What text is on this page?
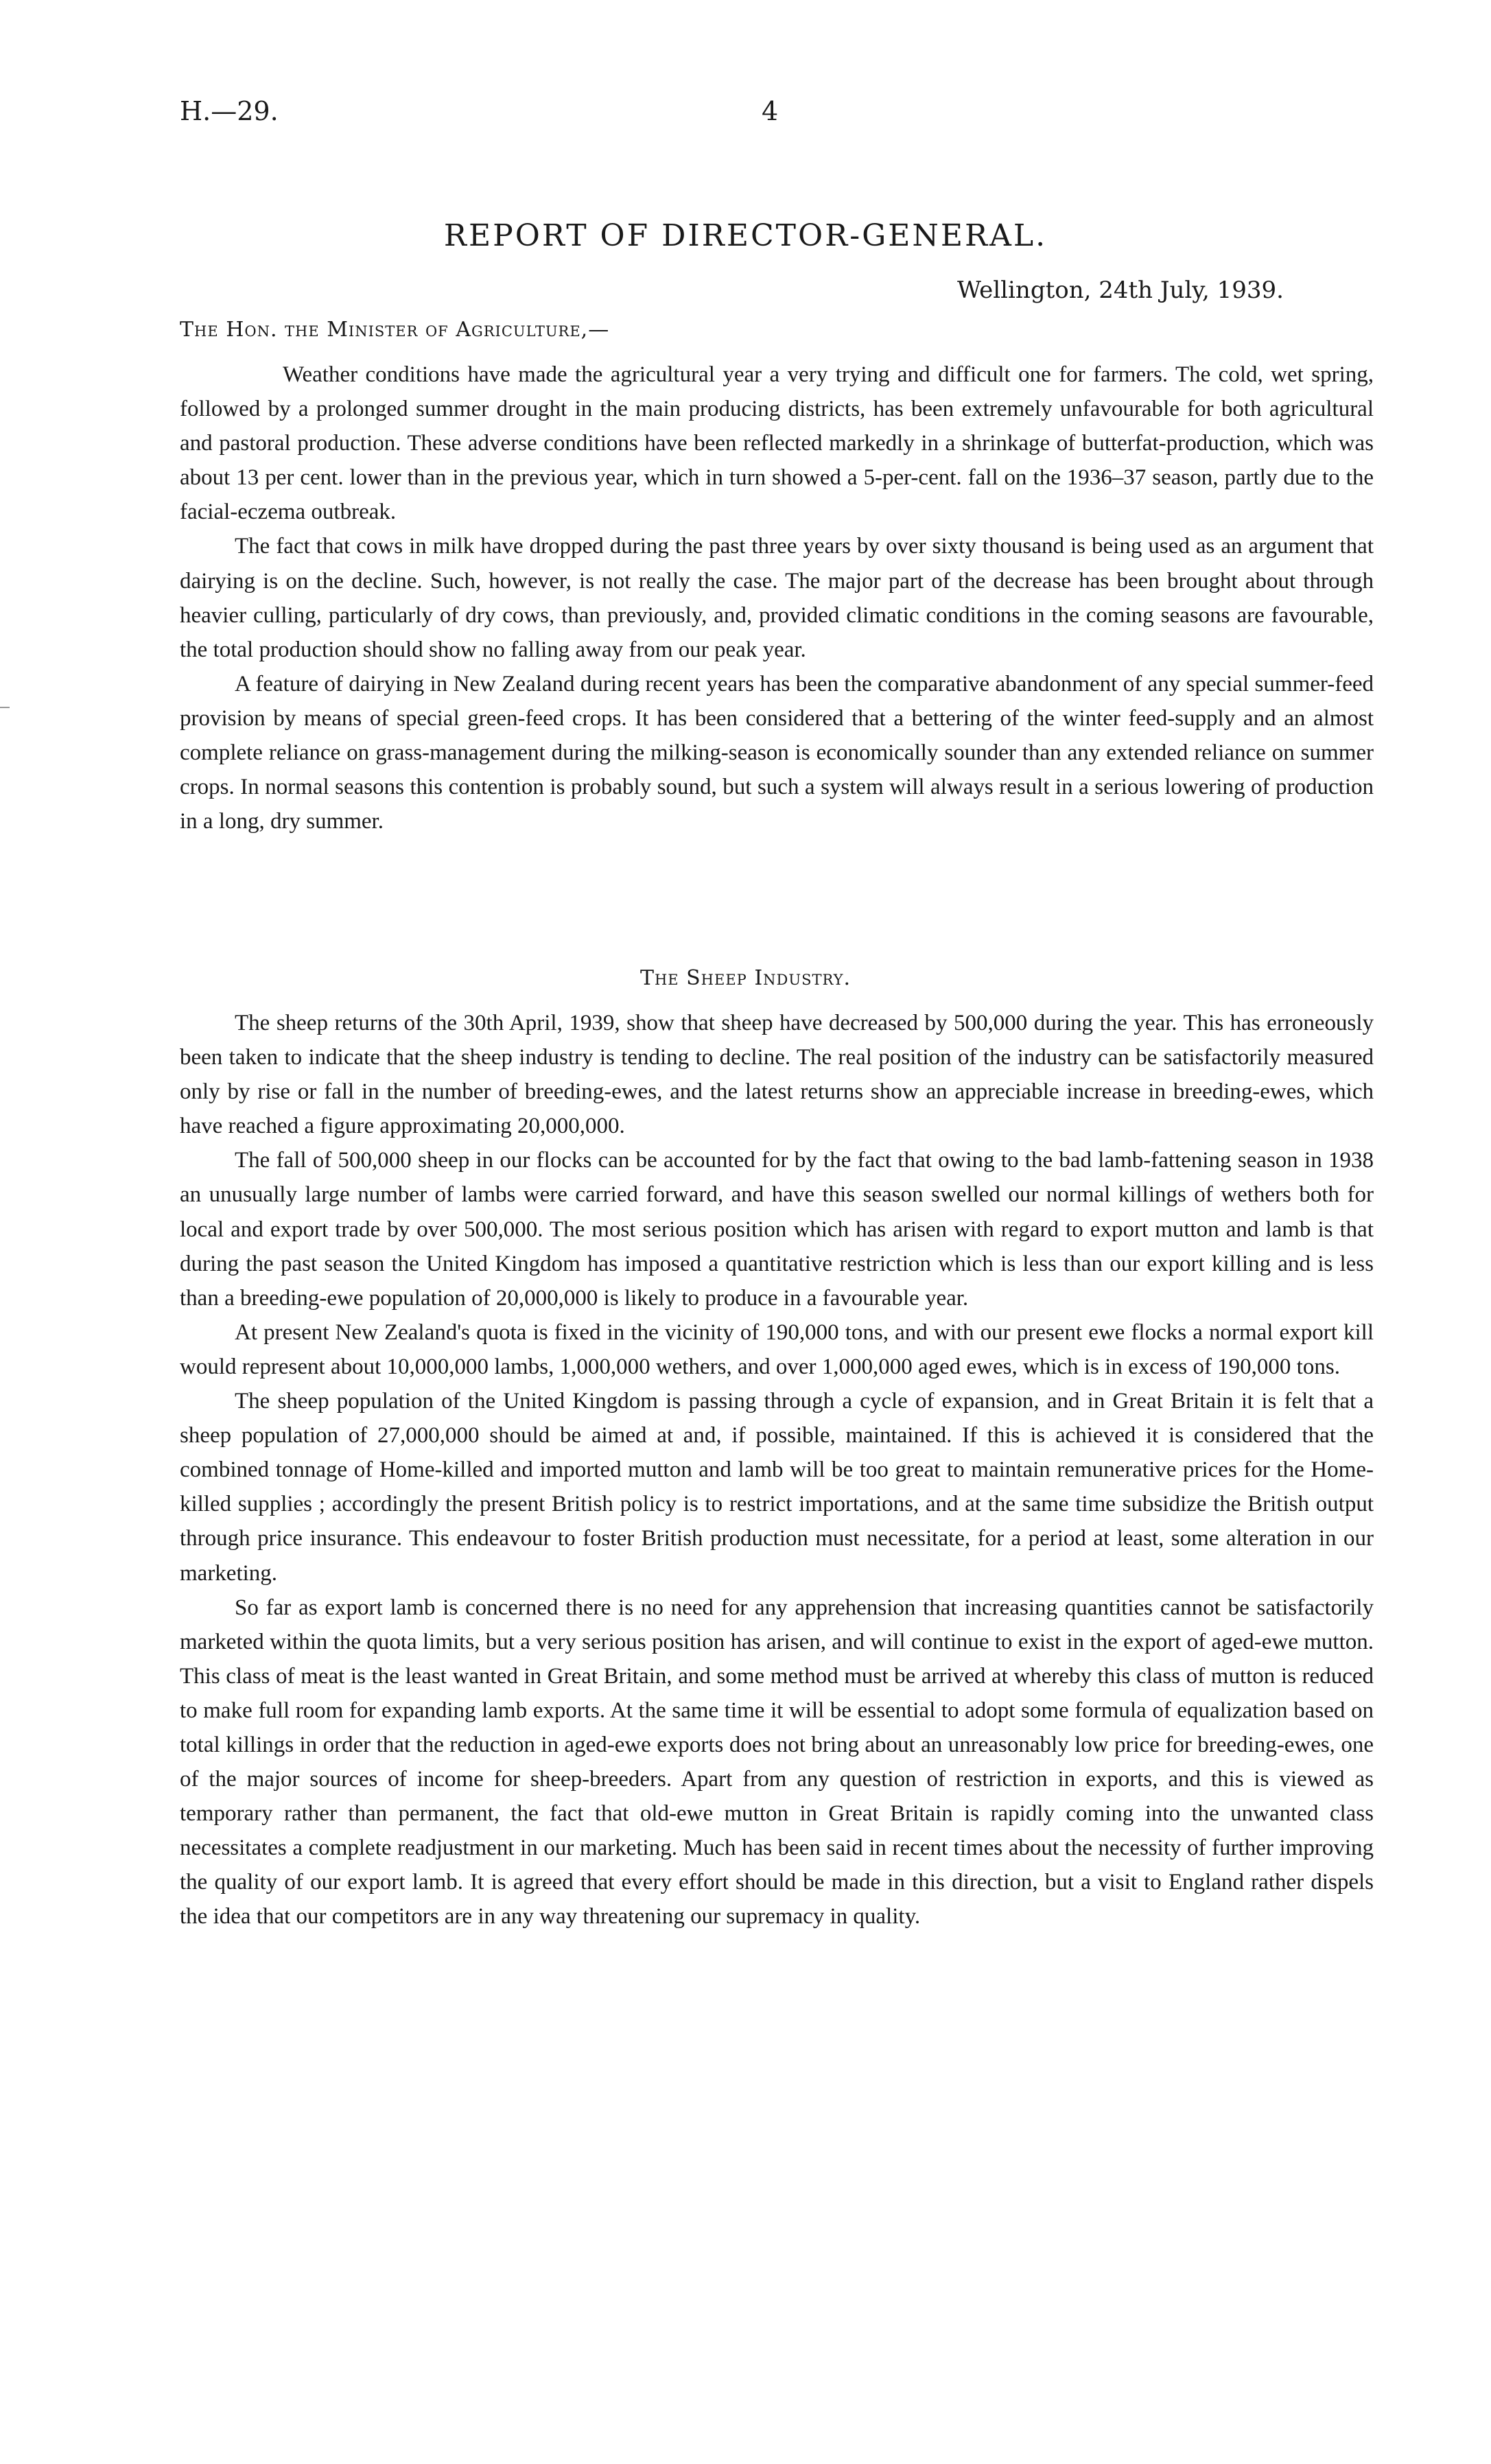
H.—29.	4
REPORT OF DIRECTOR-GENERAL.
Wellington, 24th July, 1939.
The Hon. the Minister of Agriculture,—

Weather conditions have made the agricultural year a very trying and difficult one for farmers. The cold, wet spring, followed by a prolonged summer drought in the main producing districts, has been extremely unfavourable for both agricultural and pastoral production. These adverse conditions have been reflected markedly in a shrinkage of butterfat-production, which was about 13 per cent. lower than in the previous year, which in turn showed a 5-per-cent. fall on the 1936–37 season, partly due to the facial-eczema outbreak.

The fact that cows in milk have dropped during the past three years by over sixty thousand is being used as an argument that dairying is on the decline. Such, however, is not really the case. The major part of the decrease has been brought about through heavier culling, particularly of dry cows, than previously, and, provided climatic conditions in the coming seasons are favourable, the total production should show no falling away from our peak year.

A feature of dairying in New Zealand during recent years has been the comparative abandonment of any special summer-feed provision by means of special green-feed crops. It has been considered that a bettering of the winter feed-supply and an almost complete reliance on grass-management during the milking-season is economically sounder than any extended reliance on summer crops. In normal seasons this contention is probably sound, but such a system will always result in a serious lowering of production in a long, dry summer.

The Sheep Industry.

The sheep returns of the 30th April, 1939, show that sheep have decreased by 500,000 during the year. This has erroneously been taken to indicate that the sheep industry is tending to decline. The real position of the industry can be satisfactorily measured only by rise or fall in the number of breeding-ewes, and the latest returns show an appreciable increase in breeding-ewes, which have reached a figure approximating 20,000,000.

The fall of 500,000 sheep in our flocks can be accounted for by the fact that owing to the bad lamb-fattening season in 1938 an unusually large number of lambs were carried forward, and have this season swelled our normal killings of wethers both for local and export trade by over 500,000. The most serious position which has arisen with regard to export mutton and lamb is that during the past season the United Kingdom has imposed a quantitative restriction which is less than our export killing and is less than a breeding-ewe population of 20,000,000 is likely to produce in a favourable year.

At present New Zealand's quota is fixed in the vicinity of 190,000 tons, and with our present ewe flocks a normal export kill would represent about 10,000,000 lambs, 1,000,000 wethers, and over 1,000,000 aged ewes, which is in excess of 190,000 tons.

The sheep population of the United Kingdom is passing through a cycle of expansion, and in Great Britain it is felt that a sheep population of 27,000,000 should be aimed at and, if possible, maintained. If this is achieved it is considered that the combined tonnage of Home-killed and imported mutton and lamb will be too great to maintain remunerative prices for the Home-killed supplies ; accordingly the present British policy is to restrict importations, and at the same time subsidize the British output through price insurance. This endeavour to foster British production must necessitate, for a period at least, some alteration in our marketing.

So far as export lamb is concerned there is no need for any apprehension that increasing quantities cannot be satisfactorily marketed within the quota limits, but a very serious position has arisen, and will continue to exist in the export of aged-ewe mutton. This class of meat is the least wanted in Great Britain, and some method must be arrived at whereby this class of mutton is reduced to make full room for expanding lamb exports. At the same time it will be essential to adopt some formula of equalization based on total killings in order that the reduction in aged-ewe exports does not bring about an unreasonably low price for breeding-ewes, one of the major sources of income for sheep-breeders. Apart from any question of restriction in exports, and this is viewed as temporary rather than permanent, the fact that old-ewe mutton in Great Britain is rapidly coming into the unwanted class necessitates a complete readjustment in our marketing. Much has been said in recent times about the necessity of further improving the quality of our export lamb. It is agreed that every effort should be made in this direction, but a visit to England rather dispels the idea that our competitors are in any way threatening our supremacy in quality.
